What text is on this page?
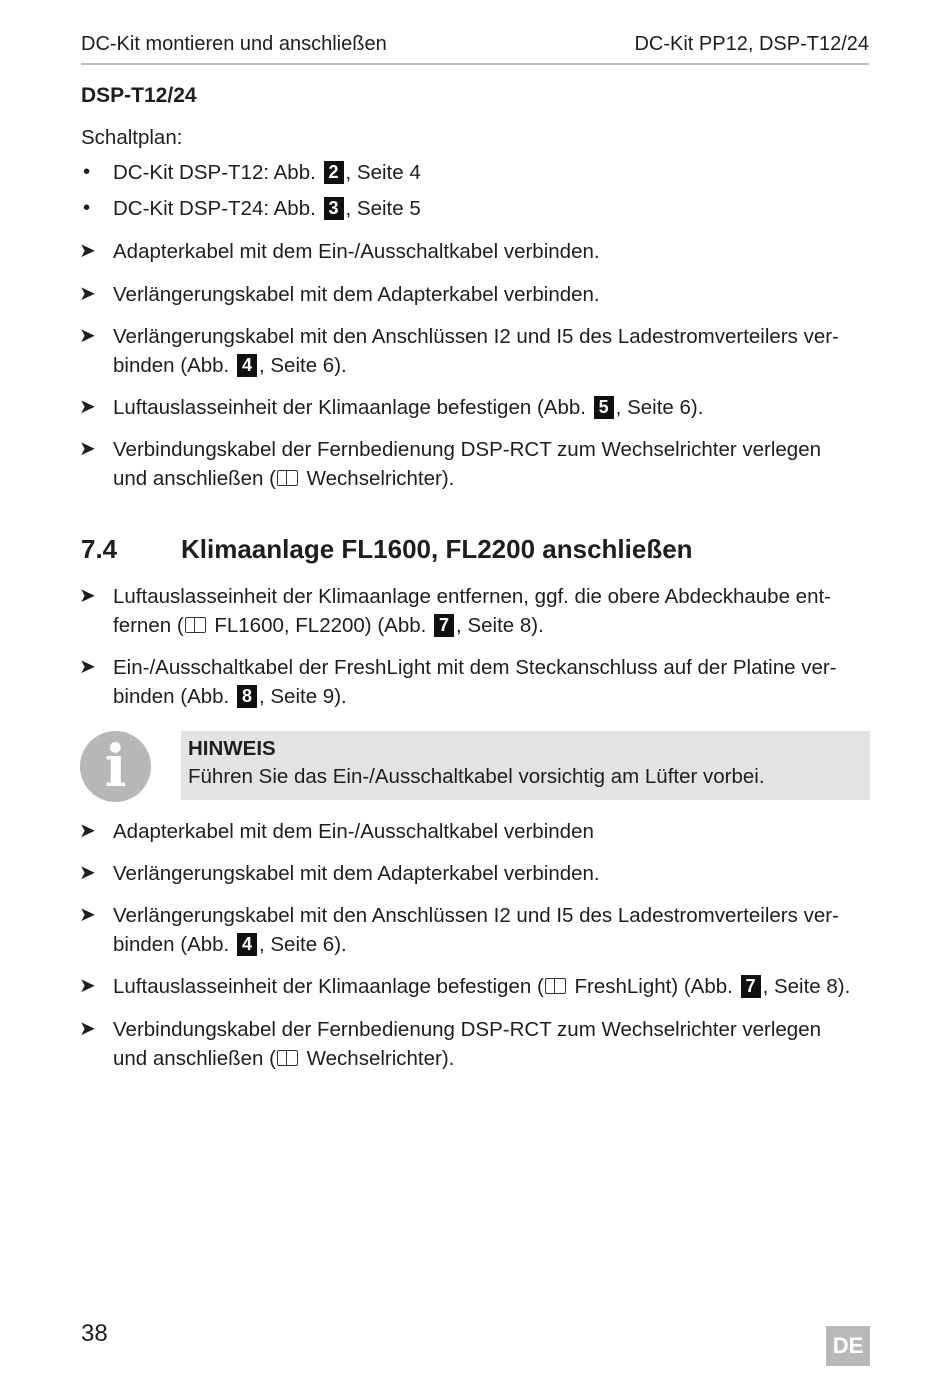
DC-Kit montieren und anschließen	DC-Kit PP12, DSP-T12/24
DSP-T12/24
Schaltplan:
• DC-Kit DSP-T12: Abb. 2 , Seite 4
• DC-Kit DSP-T24: Abb. 3 , Seite 5
➤ Adapterkabel mit dem Ein-/Ausschaltkabel verbinden.
➤ Verlängerungskabel mit dem Adapterkabel verbinden.
➤ Verlängerungskabel mit den Anschlüssen I2 und I5 des Ladestromverteilers ver-
binden (Abb. 4 , Seite 6).
➤ Luftauslasseinheit der Klimaanlage befestigen (Abb. 5 , Seite 6).
➤ Verbindungskabel der Fernbedienung DSP-RCT zum Wechselrichter verlegen
und anschließen ( Wechselrichter).
7.4 Klimaanlage FL1600, FL2200 anschließen
➤ Luftauslasseinheit der Klimaanlage entfernen, ggf. die obere Abdeckhaube ent-
fernen ( FL1600, FL2200) (Abb. 7 , Seite 8).
➤ Ein-/Ausschaltkabel der FreshLight mit dem Steckanschluss auf der Platine ver-
binden (Abb. 8 , Seite 9).
i	HINWEIS
Führen Sie das Ein-/Ausschaltkabel vorsichtig am Lüfter vorbei.
➤ Adapterkabel mit dem Ein-/Ausschaltkabel verbinden
➤ Verlängerungskabel mit dem Adapterkabel verbinden.
➤ Verlängerungskabel mit den Anschlüssen I2 und I5 des Ladestromverteilers ver-
binden (Abb. 4 , Seite 6).
➤ Luftauslasseinheit der Klimaanlage befestigen ( FreshLight) (Abb. 7 , Seite 8).
➤ Verbindungskabel der Fernbedienung DSP-RCT zum Wechselrichter verlegen
und anschließen ( Wechselrichter).
38	DE
